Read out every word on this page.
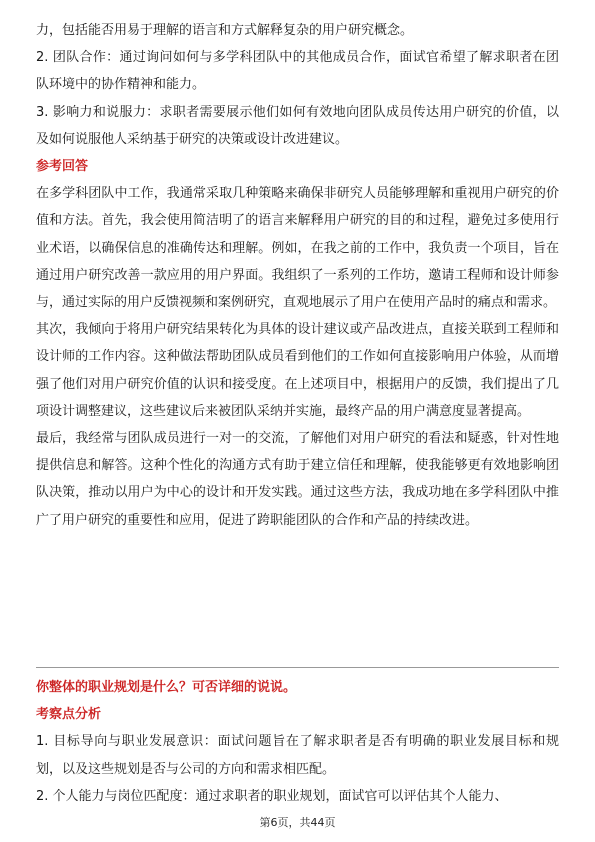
力，包括能否用易于理解的语言和方式解释复杂的用户研究概念。

2. 团队合作：通过询问如何与多学科团队中的其他成员合作，面试官希望了解求职者在团队环境中的协作精神和能力。

3. 影响力和说服力：求职者需要展示他们如何有效地向团队成员传达用户研究的价值，以及如何说服他人采纳基于研究的决策或设计改进建议。

参考回答

在多学科团队中工作，我通常采取几种策略来确保非研究人员能够理解和重视用户研究的价值和方法。首先，我会使用简洁明了的语言来解释用户研究的目的和过程，避免过多使用行业术语，以确保信息的准确传达和理解。例如，在我之前的工作中，我负责一个项目，旨在通过用户研究改善一款应用的用户界面。我组织了一系列的工作坊，邀请工程师和设计师参与，通过实际的用户反馈视频和案例研究，直观地展示了用户在使用产品时的痛点和需求。

其次，我倾向于将用户研究结果转化为具体的设计建议或产品改进点，直接关联到工程师和设计师的工作内容。这种做法帮助团队成员看到他们的工作如何直接影响用户体验，从而增强了他们对用户研究价值的认识和接受度。在上述项目中，根据用户的反馈，我们提出了几项设计调整建议，这些建议后来被团队采纳并实施，最终产品的用户满意度显著提高。

最后，我经常与团队成员进行一对一的交流，了解他们对用户研究的看法和疑惑，针对性地提供信息和解答。这种个性化的沟通方式有助于建立信任和理解，使我能够更有效地影响团队决策，推动以用户为中心的设计和开发实践。通过这些方法，我成功地在多学科团队中推广了用户研究的重要性和应用，促进了跨职能团队的合作和产品的持续改进。

你整体的职业规划是什么？可否详细的说说。

考察点分析

1. 目标导向与职业发展意识：面试问题旨在了解求职者是否有明确的职业发展目标和规划，以及这些规划是否与公司的方向和需求相匹配。

2. 个人能力与岗位匹配度：通过求职者的职业规划，面试官可以评估其个人能力、

第6页，共44页
